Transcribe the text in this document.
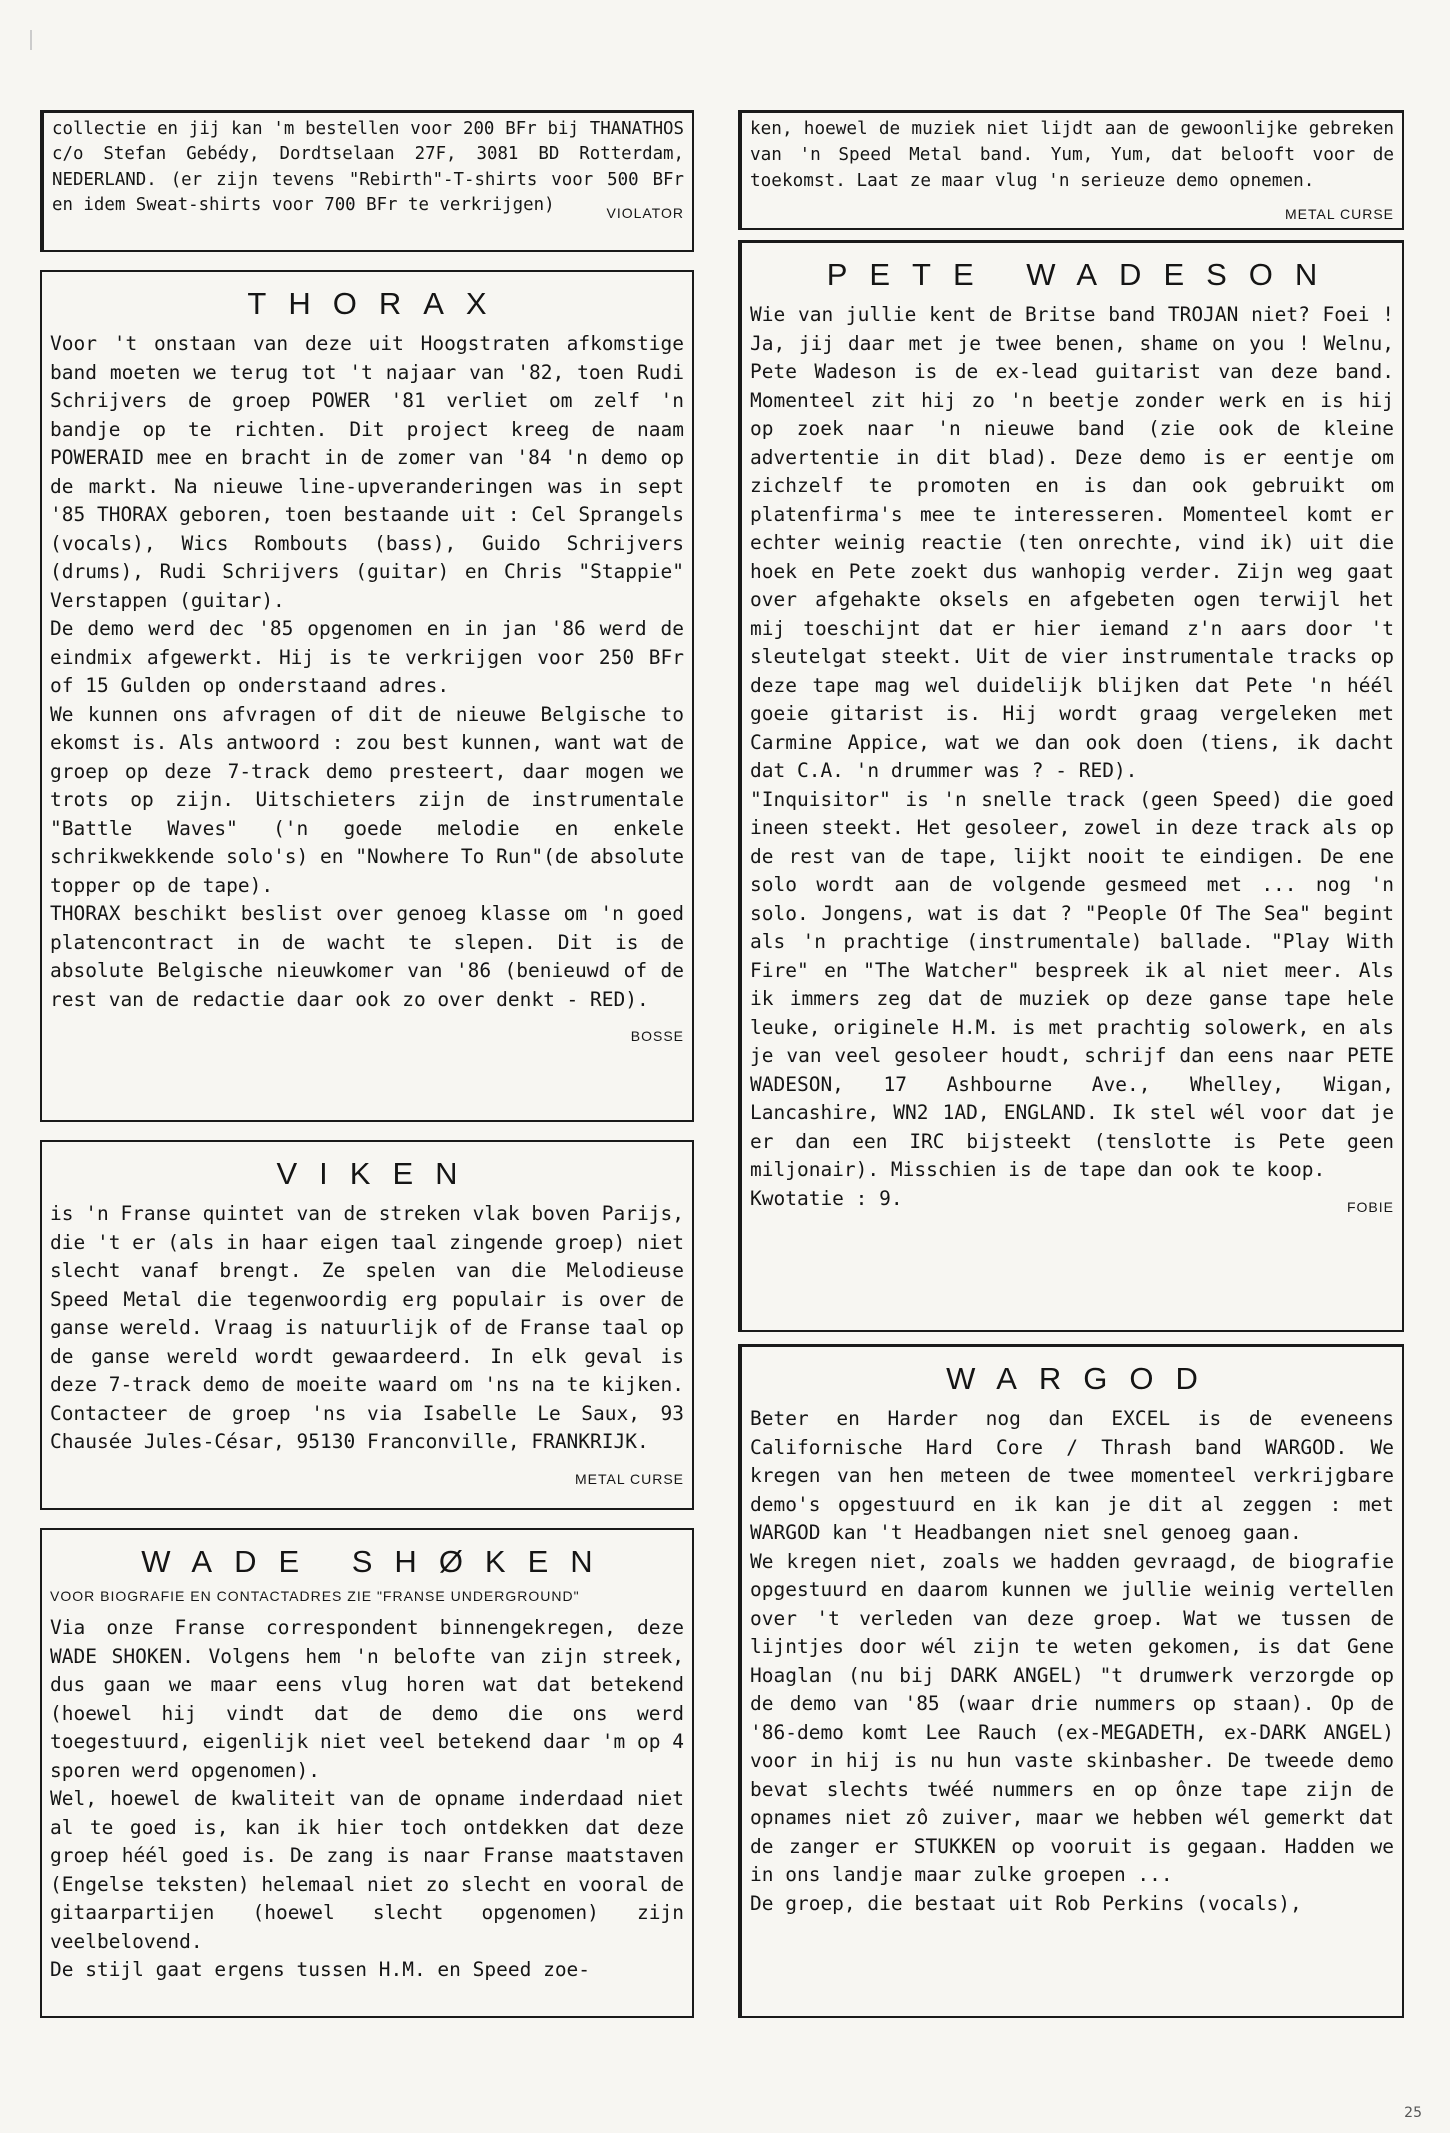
collectie en jij kan 'm bestellen voor 200 BFr bij THANATHOS c/o Stefan Gebédy, Dordtselaan 27F, 3081 BD Rotterdam, NEDERLAND. (er zijn tevens "Rebirth"-T-shirts voor 500 BFr en idem Sweat-shirts voor 700 BFr te verkrijgen)	VIOLATOR

THORAX

Voor 't onstaan van deze uit Hoogstraten afkomstige band moeten we terug tot 't najaar van '82, toen Rudi Schrijvers de groep POWER '81 verliet om zelf 'n bandje op te richten. Dit project kreeg de naam POWERAID mee en bracht in de zomer van '84 'n demo op de markt. Na nieuwe line-upveranderingen was in sept '85 THORAX geboren, toen bestaande uit : Cel Sprangels (vocals), Wics Rombouts (bass), Guido Schrijvers (drums), Rudi Schrijvers (guitar) en Chris "Stappie" Verstappen (guitar).

De demo werd dec '85 opgenomen en in jan '86 werd de eindmix afgewerkt. Hij is te verkrijgen voor 250 BFr of 15 Gulden op onderstaand adres.

We kunnen ons afvragen of dit de nieuwe Belgische to ekomst is. Als antwoord : zou best kunnen, want wat de groep op deze 7-track demo presteert, daar mogen we trots op zijn. Uitschieters zijn de instrumentale "Battle Waves" ('n goede melodie en enkele schrikwekkende solo's) en "Nowhere To Run"(de absolute topper op de tape).

THORAX beschikt beslist over genoeg klasse om 'n goed platencontract in de wacht te slepen. Dit is de absolute Belgische nieuwkomer van '86 (benieuwd of de rest van de redactie daar ook zo over denkt - RED).
BOSSE

VIKEN

is 'n Franse quintet van de streken vlak boven Parijs, die 't er (als in haar eigen taal zingende groep) niet slecht vanaf brengt. Ze spelen van die Melodieuse Speed Metal die tegenwoordig erg populair is over de ganse wereld. Vraag is natuurlijk of de Franse taal op de ganse wereld wordt gewaardeerd. In elk geval is deze 7-track demo de moeite waard om 'ns na te kijken. Contacteer de groep 'ns via Isabelle Le Saux, 93 Chausée Jules-César, 95130 Franconville, FRANKRIJK.
METAL CURSE

WADE SHØKEN
VOOR BIOGRAFIE EN CONTACTADRES ZIE "FRANSE UNDERGROUND"

Via onze Franse correspondent binnengekregen, deze WADE SHOKEN. Volgens hem 'n belofte van zijn streek, dus gaan we maar eens vlug horen wat dat betekend (hoewel hij vindt dat de demo die ons werd toegestuurd, eigenlijk niet veel betekend daar 'm op 4 sporen werd opgenomen).

Wel, hoewel de kwaliteit van de opname inderdaad niet al te goed is, kan ik hier toch ontdekken dat deze groep héél goed is. De zang is naar Franse maatstaven (Engelse teksten) helemaal niet zo slecht en vooral de gitaarpartijen (hoewel slecht opgenomen) zijn veelbelovend.

De stijl gaat ergens tussen H.M. en Speed zoe-

ken, hoewel de muziek niet lijdt aan de gewoonlijke gebreken van 'n Speed Metal band. Yum, Yum, dat belooft voor de toekomst. Laat ze maar vlug 'n serieuze demo opnemen.
METAL CURSE

PETE WADESON

Wie van jullie kent de Britse band TROJAN niet? Foei ! Ja, jij daar met je twee benen, shame on you ! Welnu, Pete Wadeson is de ex-lead guitarist van deze band. Momenteel zit hij zo 'n beetje zonder werk en is hij op zoek naar 'n nieuwe band (zie ook de kleine advertentie in dit blad). Deze demo is er eentje om zichzelf te promoten en is dan ook gebruikt om platenfirma's mee te interesseren. Momenteel komt er echter weinig reactie (ten onrechte, vind ik) uit die hoek en Pete zoekt dus wanhopig verder. Zijn weg gaat over afgehakte oksels en afgebeten ogen terwijl het mij toeschijnt dat er hier iemand z'n aars door 't sleutelgat steekt. Uit de vier instrumentale tracks op deze tape mag wel duidelijk blijken dat Pete 'n héél goeie gitarist is. Hij wordt graag vergeleken met Carmine Appice, wat we dan ook doen (tiens, ik dacht dat C.A. 'n drummer was ? - RED).

"Inquisitor" is 'n snelle track (geen Speed) die goed ineen steekt. Het gesoleer, zowel in deze track als op de rest van de tape, lijkt nooit te eindigen. De ene solo wordt aan de volgende gesmeed met ... nog 'n solo. Jongens, wat is dat ? "People Of The Sea" begint als 'n prachtige (instrumentale) ballade. "Play With Fire" en "The Watcher" bespreek ik al niet meer. Als ik immers zeg dat de muziek op deze ganse tape hele leuke, originele H.M. is met prachtig solowerk, en als je van veel gesoleer houdt, schrijf dan eens naar PETE WADESON, 17 Ashbourne Ave., Whelley, Wigan, Lancashire, WN2 1AD, ENGLAND. Ik stel wél voor dat je er dan een IRC bijsteekt (tenslotte is Pete geen miljonair). Misschien is de tape dan ook te koop.

Kwotatie : 9.	FOBIE

WARGOD

Beter en Harder nog dan EXCEL is de eveneens Californische Hard Core / Thrash band WARGOD. We kregen van hen meteen de twee momenteel verkrijgbare demo's opgestuurd en ik kan je dit al zeggen : met WARGOD kan 't Headbangen niet snel genoeg gaan.

We kregen niet, zoals we hadden gevraagd, de biografie opgestuurd en daarom kunnen we jullie weinig vertellen over 't verleden van deze groep. Wat we tussen de lijntjes door wél zijn te weten gekomen, is dat Gene Hoaglan (nu bij DARK ANGEL) "t drumwerk verzorgde op de demo van '85 (waar drie nummers op staan). Op de '86-demo komt Lee Rauch (ex-MEGADETH, ex-DARK ANGEL) voor in hij is nu hun vaste skinbasher. De tweede demo bevat slechts twéé nummers en op ônze tape zijn de opnames niet zô zuiver, maar we hebben wél gemerkt dat de zanger er STUKKEN op vooruit is gegaan. Hadden we in ons landje maar zulke groepen ...

De groep, die bestaat uit Rob Perkins (vocals),

25
